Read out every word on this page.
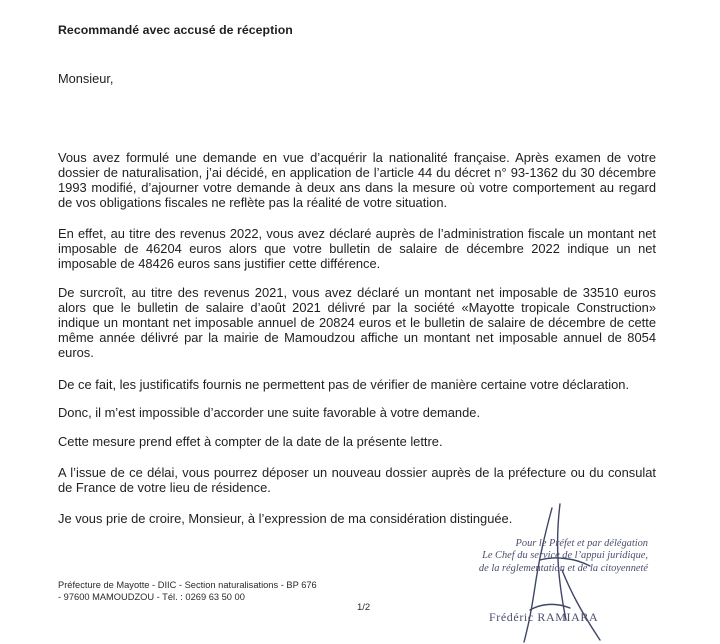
Recommandé avec accusé de réception
Monsieur,
Vous avez formulé une demande en vue d’acquérir la nationalité française. Après examen de votre dossier de naturalisation, j’ai décidé, en application de l’article 44 du décret n° 93-1362 du 30 décembre 1993 modifié, d’ajourner votre demande à deux ans dans la mesure où votre comportement au regard de vos obligations fiscales ne reflète pas la réalité de votre situation.
En effet, au titre des revenus 2022, vous avez déclaré auprès de l’administration fiscale un montant net imposable de 46204 euros alors que votre bulletin de salaire de décembre 2022 indique un net imposable de 48426 euros sans justifier cette différence.
De surcroît, au titre des revenus 2021, vous avez déclaré un montant net imposable de 33510 euros alors que le bulletin de salaire d’août 2021 délivré par la société «Mayotte tropicale Construction» indique un montant net imposable annuel de 20824 euros et le bulletin de salaire de décembre de cette même année délivré par la mairie de Mamoudzou affiche un montant net imposable annuel de 8054 euros.
De ce fait, les justificatifs fournis ne permettent pas de vérifier de manière certaine votre déclaration.
Donc, il m’est impossible d’accorder une suite favorable à votre demande.
Cette mesure prend effet à compter de la date de la présente lettre.
A l’issue de ce délai, vous pourrez déposer un nouveau dossier auprès de la préfecture ou du consulat de France de votre lieu de résidence.
Je vous prie de croire, Monsieur, à l’expression de ma considération distinguée.
Pour le Préfet et par délégation
Le Chef du service de l’appui juridique,
de la réglementation et de la citoyenneté
Frédéric RAMIARA
Préfecture de Mayotte - DIIC - Section naturalisations - BP 676
- 97600 MAMOUDZOU - Tél. : 0269 63 50 00
1/2
